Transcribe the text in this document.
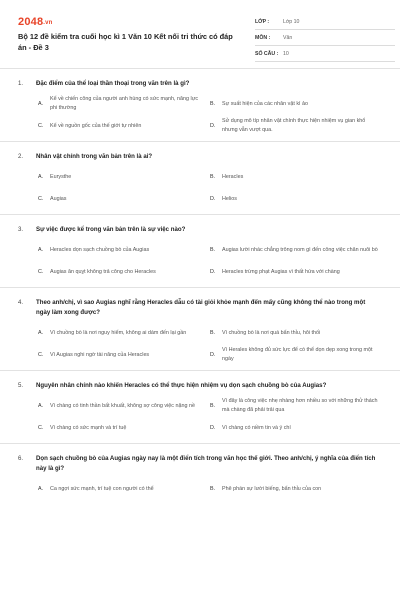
2048.vn
Bộ 12 đề kiểm tra cuối học kì 1 Văn 10 Kết nối tri thức có đáp án - Đề 3
LỚP :	Lớp 10
MÔN :	Văn
SỐ CÂU : 10
1.	Đặc điểm của thể loại thần thoại trong văn trên là gì?
A.
Kể về chiến công của người anh hùng có sức mạnh, năng lực phi thường
B.	Sự xuất hiện của các nhân vật kì ảo
C.	Kể về nguồn gốc của thế giới tự nhiên	D.
Sử dụng mô típ nhân vật chính thực hiện nhiệm vụ gian khổ nhưng vẫn vượt qua.
2.	Nhân vật chính trong văn bản trên là ai?
A.	Eurysthe	B.	Heracles
C.	Augias	D.	Helios
3.	Sự việc được kể trong văn bản trên là sự việc nào?
A.	Heracles dọn sạch chuồng bò của Augias	B.	Augias lười nhác chẳng trông nom gì đến công việc chăn nuôi bò
C.	Augias ăn quỵt không trả công cho Heracles	D.	Heracles trừng phạt Augias vì thất hứa với chàng
4.	Theo anh/chị, vì sao Augias nghĩ rằng Heracles dẫu có tài giỏi khỏe mạnh đến mấy cũng không thể nào trong một ngày làm xong được?
A.	Vì chuồng bò là nơi nguy hiểm, không ai dám đến lại gần	B.	Vì chuồng bò là nơi quá bẩn thỉu, hôi thối
C.	Vì Augias nghi ngờ tài năng của Heracles	D.
Vì Herales không đủ sức lực để có thể dọn dẹp xong trong một ngày
5.	Nguyên nhân chính nào khiến Heracles có thể thực hiện nhiệm vụ dọn sạch chuồng bò của Augias?
A.	Vì chàng có tinh thần bất khuất, không sợ công việc nặng nề	B.
Vì đây là công việc nhẹ nhàng hơn nhiều so với những thử thách mà chàng đã phải trải qua
C.	Vì chàng có sức mạnh và trí tuệ	D.	Vì chàng có niềm tin và ý chí
6.	Dọn sạch chuồng bò của Augias ngày nay là một điển tích trong văn học thế giới. Theo anh/chị, ý nghĩa của điển tích này là gì?
A.	Ca ngợi sức mạnh, trí tuệ con người có thể	B.	Phê phán sự lười biếng, bẩn thỉu của con
